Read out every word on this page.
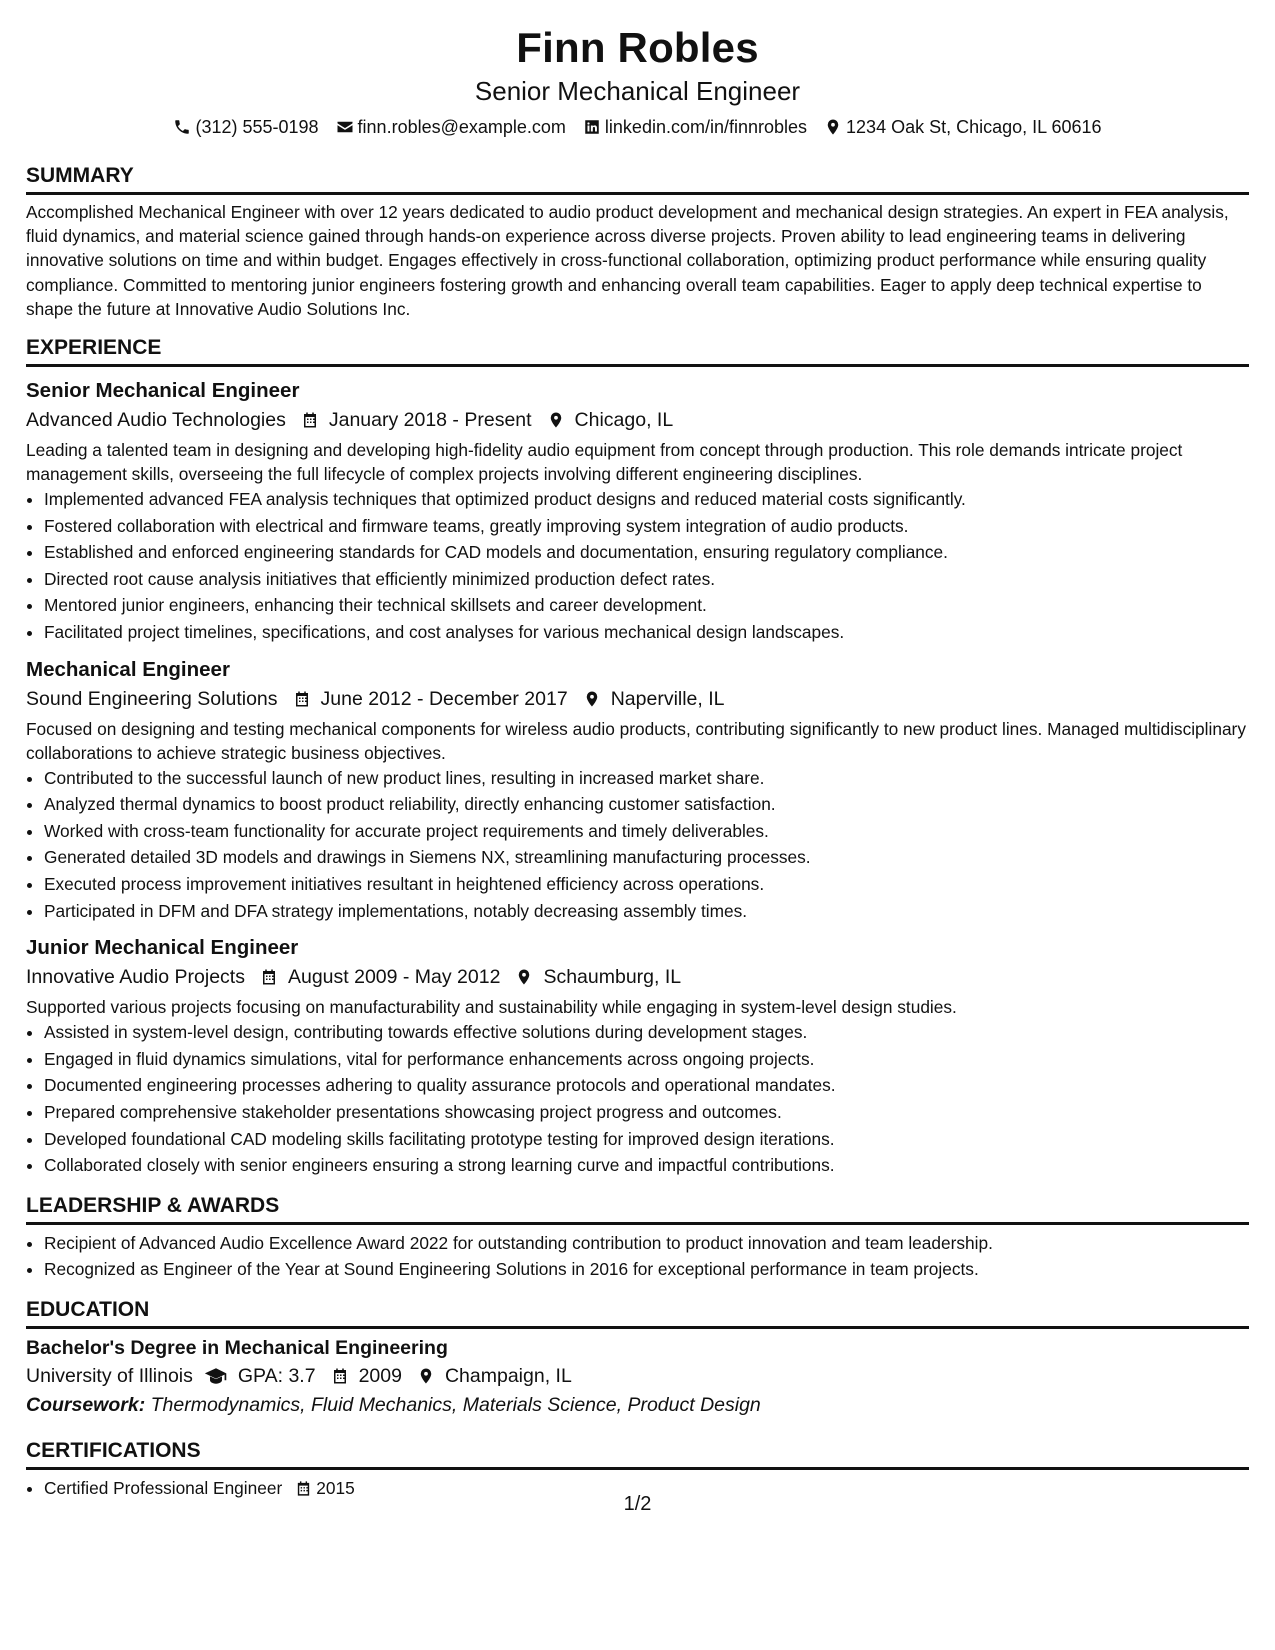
Finn Robles
Senior Mechanical Engineer
(312) 555-0198 finn.robles@example.com linkedin.com/in/finnrobles 1234 Oak St, Chicago, IL 60616
SUMMARY

Accomplished Mechanical Engineer with over 12 years dedicated to audio product development and mechanical design strategies. An expert in FEA analysis, fluid dynamics, and material science gained through hands-on experience across diverse projects. Proven ability to lead engineering teams in delivering innovative solutions on time and within budget. Engages effectively in cross-functional collaboration, optimizing product performance while ensuring quality compliance. Committed to mentoring junior engineers fostering growth and enhancing overall team capabilities. Eager to apply deep technical expertise to shape the future at Innovative Audio Solutions Inc.

EXPERIENCE
Senior Mechanical Engineer
Advanced Audio Technologies January 2018 - Present Chicago, IL

Leading a talented team in designing and developing high-fidelity audio equipment from concept through production. This role demands intricate project management skills, overseeing the full lifecycle of complex projects involving different engineering disciplines.

• Implemented advanced FEA analysis techniques that optimized product designs and reduced material costs significantly.
• Fostered collaboration with electrical and firmware teams, greatly improving system integration of audio products.
• Established and enforced engineering standards for CAD models and documentation, ensuring regulatory compliance.
• Directed root cause analysis initiatives that efficiently minimized production defect rates.
• Mentored junior engineers, enhancing their technical skillsets and career development.
• Facilitated project timelines, specifications, and cost analyses for various mechanical design landscapes.
Mechanical Engineer
Sound Engineering Solutions June 2012 - December 2017 Naperville, IL

Focused on designing and testing mechanical components for wireless audio products, contributing significantly to new product lines. Managed multidisciplinary collaborations to achieve strategic business objectives.

• Contributed to the successful launch of new product lines, resulting in increased market share.
• Analyzed thermal dynamics to boost product reliability, directly enhancing customer satisfaction.
• Worked with cross-team functionality for accurate project requirements and timely deliverables.
• Generated detailed 3D models and drawings in Siemens NX, streamlining manufacturing processes.
• Executed process improvement initiatives resultant in heightened efficiency across operations.
• Participated in DFM and DFA strategy implementations, notably decreasing assembly times.
Junior Mechanical Engineer
Innovative Audio Projects August 2009 - May 2012 Schaumburg, IL

Supported various projects focusing on manufacturability and sustainability while engaging in system-level design studies.

• Assisted in system-level design, contributing towards effective solutions during development stages.
• Engaged in fluid dynamics simulations, vital for performance enhancements across ongoing projects.
• Documented engineering processes adhering to quality assurance protocols and operational mandates.
• Prepared comprehensive stakeholder presentations showcasing project progress and outcomes.
• Developed foundational CAD modeling skills facilitating prototype testing for improved design iterations.
• Collaborated closely with senior engineers ensuring a strong learning curve and impactful contributions.
LEADERSHIP & AWARDS
• Recipient of Advanced Audio Excellence Award 2022 for outstanding contribution to product innovation and team leadership.
• Recognized as Engineer of the Year at Sound Engineering Solutions in 2016 for exceptional performance in team projects.
EDUCATION
Bachelor's Degree in Mechanical Engineering
University of Illinois GPA: 3.7 2009 Champaign, IL
Coursework: Thermodynamics, Fluid Mechanics, Materials Science, Product Design
CERTIFICATIONS
• Certified Professional Engineer 2015
1/2
